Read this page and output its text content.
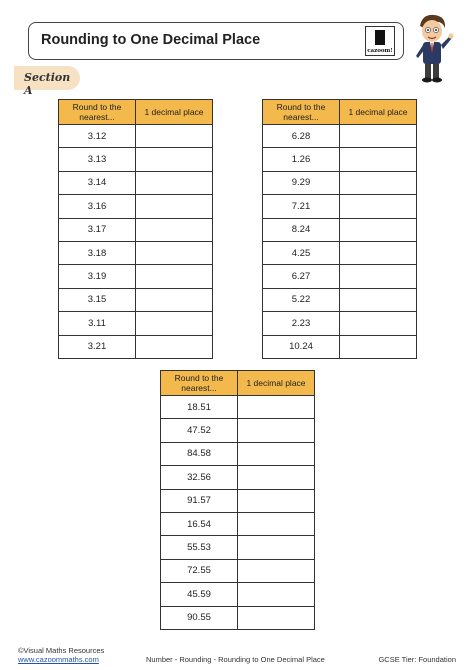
Rounding to One Decimal Place
cazoom!
Section A
Round to the nearest...	1 decimal place
3.12	
3.13	
3.14	
3.16	
3.17	
3.18	
3.19	
3.15	
3.11	
3.21	
Round to the nearest...	1 decimal place
6.28	
1.26	
9.29	
7.21	
8.24	
4.25	
6.27	
5.22	
2.23	
10.24	
Round to the nearest...	1 decimal place
18.51	
47.52	
84.58	
32.56	
91.57	
16.54	
55.53	
72.55	
45.59	
90.55	
©Visual Maths Resources
www.cazoommaths.com	Number - Rounding - Rounding to One Decimal Place	GCSE Tier: Foundation
